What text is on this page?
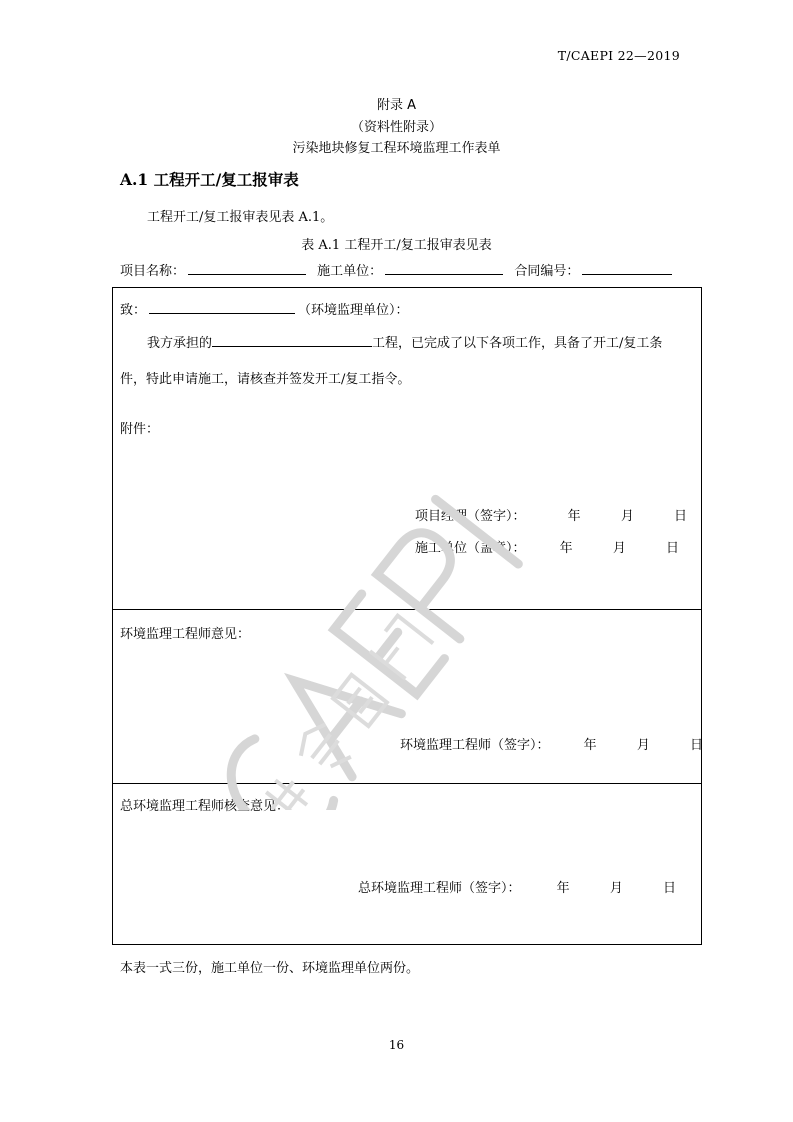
T/CAEPI 22—2019
附录 A
（资料性附录）
污染地块修复工程环境监理工作表单
A.1 工程开工/复工报审表
工程开工/复工报审表见表 A.1。
表 A.1 工程开工/复工报审表见表
项目名称：	施工单位：	合同编号：
致：	（环境监理单位）：
我方承担的	工程，已完成了以下各项工作，具备了开工/复工条
件，特此申请施工，请核查并签发开工/复工指令。
附件：
项目经理（签字）：	年	月	日
施工单位（盖章）：	年	月	日
环境监理工程师意见：
环境监理工程师（签字）：	年	月	日
总环境监理工程师核查意见：
总环境监理工程师（签字）：	年	月	日
本表一式三份，施工单位一份、环境监理单位两份。
16
